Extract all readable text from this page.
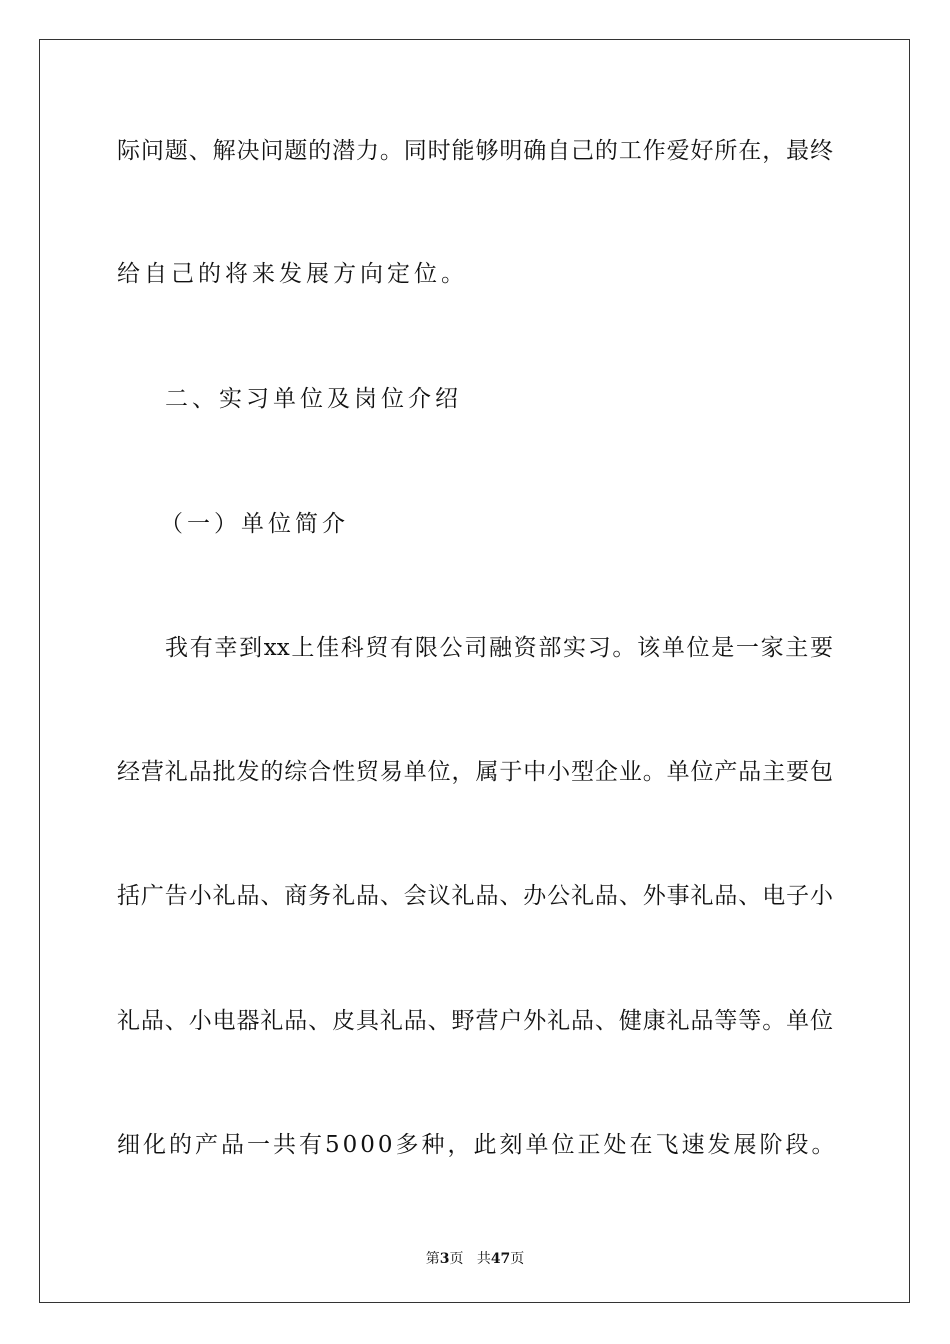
际问题、解决问题的潜力。同时能够明确自己的工作爱好所在，最终
给自己的将来发展方向定位。
二、实习单位及岗位介绍
（一）单位简介
我有幸到xx上佳科贸有限公司融资部实习。该单位是一家主要
经营礼品批发的综合性贸易单位，属于中小型企业。单位产品主要包
括广告小礼品、商务礼品、会议礼品、办公礼品、外事礼品、电子小
礼品、小电器礼品、皮具礼品、野营户外礼品、健康礼品等等。单位
细化的产品一共有5000多种，此刻单位正处在飞速发展阶段。
第3页 共47页
